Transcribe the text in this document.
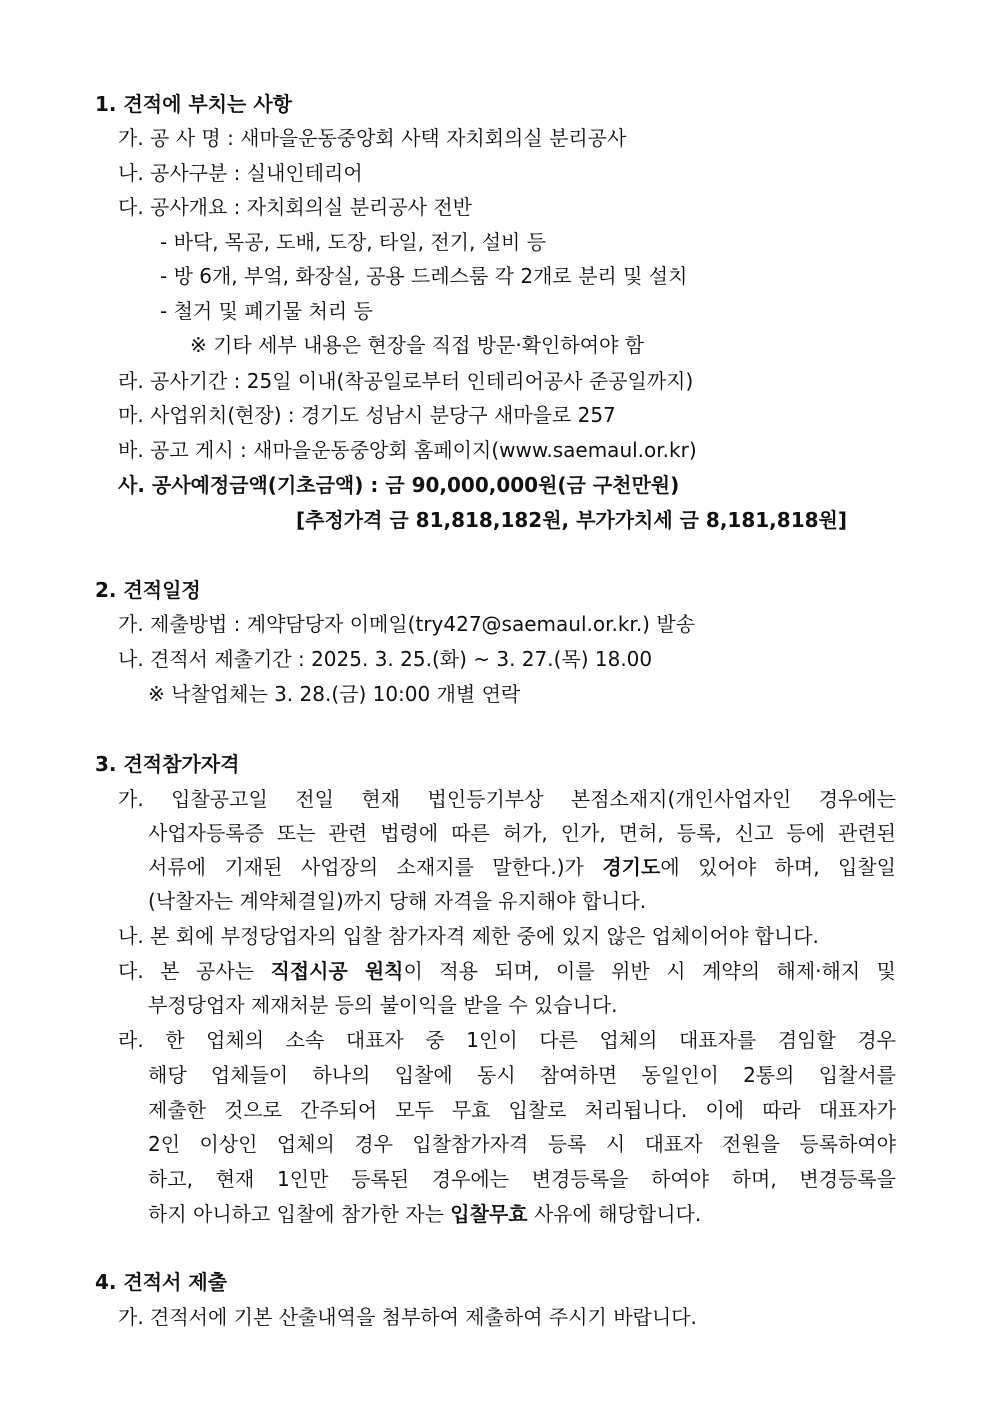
1. 견적에 부치는 사항
가. 공 사 명 : 새마을운동중앙회 사택 자치회의실 분리공사
나. 공사구분 : 실내인테리어
다. 공사개요 : 자치회의실 분리공사 전반
- 바닥, 목공, 도배, 도장, 타일, 전기, 설비 등
- 방 6개, 부엌, 화장실, 공용 드레스룸 각 2개로 분리 및 설치
- 철거 및 폐기물 처리 등
※ 기타 세부 내용은 현장을 직접 방문·확인하여야 함
라. 공사기간 : 25일 이내(착공일로부터 인테리어공사 준공일까지)
마. 사업위치(현장) : 경기도 성남시 분당구 새마을로 257
바. 공고 게시 : 새마을운동중앙회 홈페이지(www.saemaul.or.kr)
사. 공사예정금액(기초금액) : 금 90,000,000원(금 구천만원)
[추정가격 금 81,818,182원, 부가가치세 금 8,181,818원]
2. 견적일정
가. 제출방법 : 계약담당자 이메일(try427@saemaul.or.kr.) 발송
나. 견적서 제출기간 : 2025. 3. 25.(화) ~ 3. 27.(목) 18.00
※ 낙찰업체는 3. 28.(금) 10:00 개별 연락
3. 견적참가자격
가. 입찰공고일 전일 현재 법인등기부상 본점소재지(개인사업자인 경우에는
사업자등록증 또는 관련 법령에 따른 허가, 인가, 면허, 등록, 신고 등에 관련된
서류에 기재된 사업장의 소재지를 말한다.)가 경기도에 있어야 하며, 입찰일
(낙찰자는 계약체결일)까지 당해 자격을 유지해야 합니다.
나. 본 회에 부정당업자의 입찰 참가자격 제한 중에 있지 않은 업체이어야 합니다.
다. 본 공사는 직접시공 원칙이 적용 되며, 이를 위반 시 계약의 해제·해지 및
부정당업자 제재처분 등의 불이익을 받을 수 있습니다.
라. 한 업체의 소속 대표자 중 1인이 다른 업체의 대표자를 겸임할 경우
해당 업체들이 하나의 입찰에 동시 참여하면 동일인이 2통의 입찰서를
제출한 것으로 간주되어 모두 무효 입찰로 처리됩니다. 이에 따라 대표자가
2인 이상인 업체의 경우 입찰참가자격 등록 시 대표자 전원을 등록하여야
하고, 현재 1인만 등록된 경우에는 변경등록을 하여야 하며, 변경등록을
하지 아니하고 입찰에 참가한 자는 입찰무효 사유에 해당합니다.
4. 견적서 제출
가. 견적서에 기본 산출내역을 첨부하여 제출하여 주시기 바랍니다.
